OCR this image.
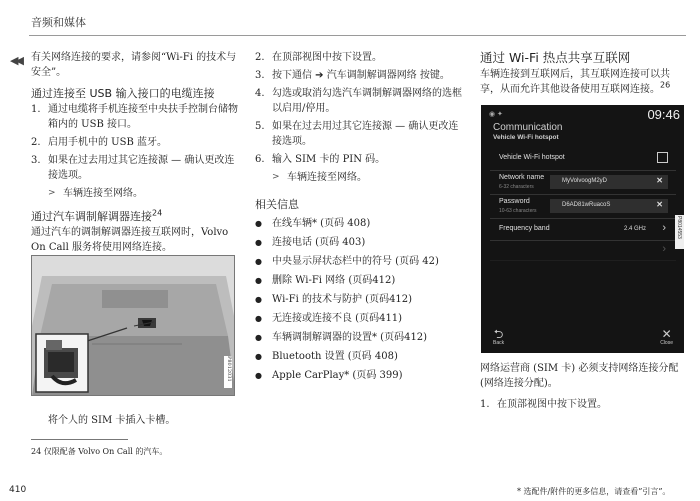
音频和媒体
◀◀ 有关网络连接的要求，请参阅“Wi-Fi 的技术与安全”。
通过连接至 USB 输入接口的电缆连接
1. 通过电缆将手机连接至中央扶手控制台储物箱内的 USB 接口。
2. 启用手机中的 USB 蓝牙。
3. 如果在过去用过其它连接源 — 确认更改连接选项。
> 车辆连接至网络。
通过汽车调制解调器连接$^{24}$
通过汽车的调制解调器连接互联网时，Volvo On Call 服务将使用网络连接。
P8012031
将个人的 SIM 卡插入卡槽。
24 仅限配备 Volvo On Call 的汽车。
2. 在顶部视图中按下设置。
3. 按下通信 ➔ 汽车调制解调器网络 按键。
4. 勾选或取消勾选汽车调制解调器网络的选框以启用/停用。
5. 如果在过去用过其它连接源 — 确认更改连接选项。
6. 输入 SIM 卡的 PIN 码。
> 车辆连接至网络。
相关信息
●	在线车辆* (页码 408)
●	连接电话 (页码 403)
●	中央显示屏状态栏中的符号 (页码 42)
●	删除 Wi-Fi 网络 (页码412)
●	Wi-Fi 的技术与防护 (页码412)
●	无连接或连接不良 (页码411)
●	车辆调制解调器的设置* (页码412)
●	Bluetooth 设置 (页码 408)
●	Apple CarPlay* (页码 399)
通过 Wi-Fi 热点共享互联网
车辆连接到互联网后，其互联网连接可以共享，从而允许其他设备使用互联网连接。$^{26}$
◉ ✦	09:46
Communication
Vehicle Wi-Fi hotspot
Vehicle Wi-Fi hotspot
Network name
6-32 characters
MyVolvoogM2yD	✕
Password
10-63 characters
D6AD81wRuacoS	✕
Frequency band	2.4 GHz ›
›
P8014553
⮌
Back
✕
Close
网络运营商 (SIM 卡) 必须支持网络连接分配 (网络连接分配)。
1. 在顶部视图中按下设置。
410	* 选配件/附件的更多信息，请查看”引言”。
